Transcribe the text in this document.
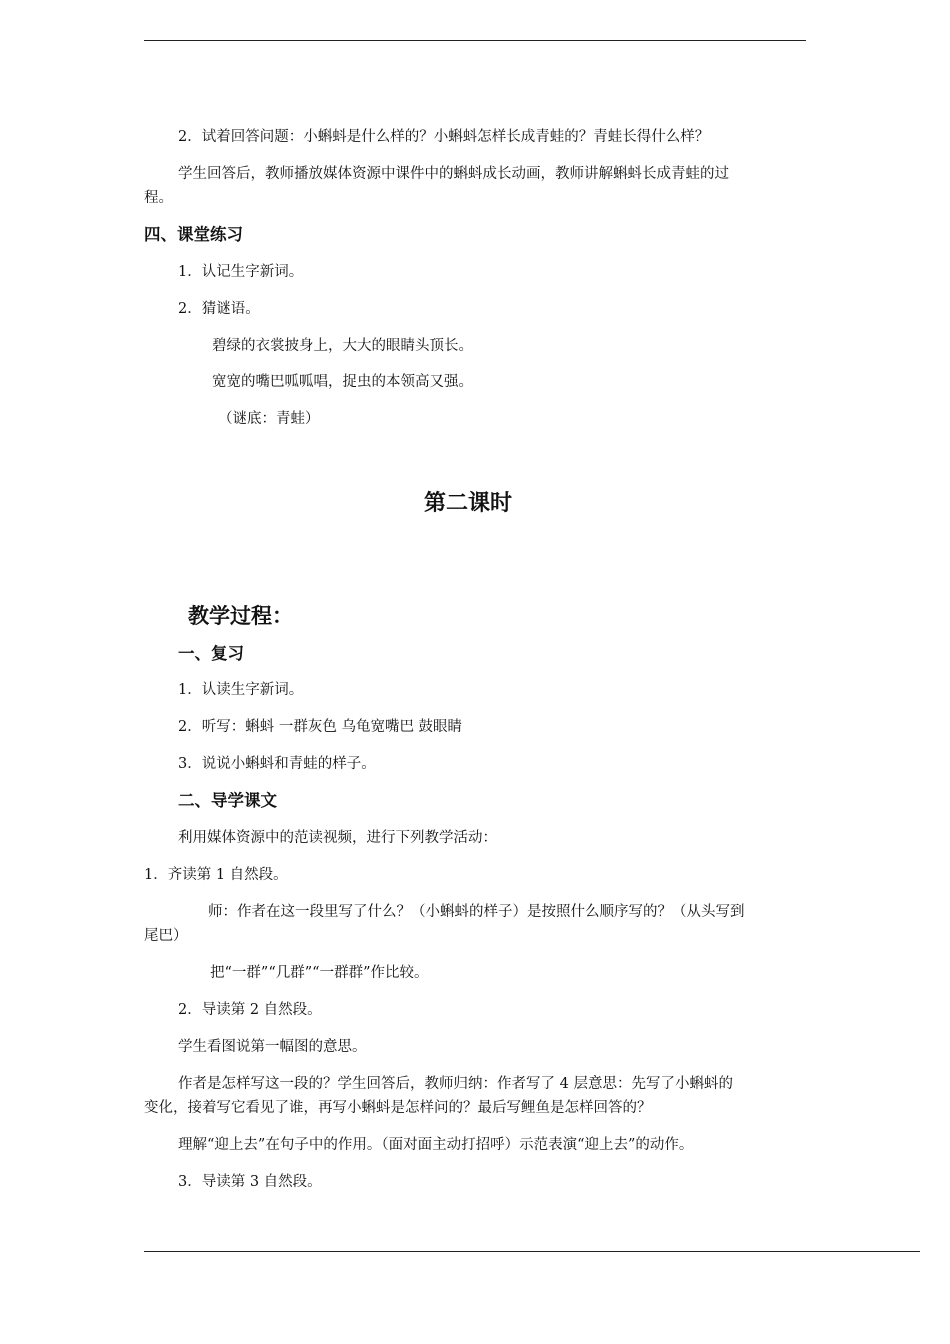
2．试着回答问题：小蝌蚪是什么样的？小蝌蚪怎样长成青蛙的？青蛙长得什么样？
学生回答后，教师播放媒体资源中课件中的蝌蚪成长动画，教师讲解蝌蚪长成青蛙的过
程。
四、课堂练习
1．认记生字新词。
2．猜谜语。
碧绿的衣裳披身上，大大的眼睛头顶长。
宽宽的嘴巴呱呱唱，捉虫的本领高又强。
（谜底：青蛙）
第二课时
教学过程：
一、复习
1．认读生字新词。
2．听写：蝌蚪 一群灰色 乌龟宽嘴巴 鼓眼睛
3．说说小蝌蚪和青蛙的样子。
二、导学课文
利用媒体资源中的范读视频，进行下列教学活动：
1．齐读第 1 自然段。
师：作者在这一段里写了什么？（小蝌蚪的样子）是按照什么顺序写的？（从头写到
尾巴）
把“一群”“几群”“一群群”作比较。
2．导读第 2 自然段。
学生看图说第一幅图的意思。
作者是怎样写这一段的？学生回答后，教师归纳：作者写了 4 层意思：先写了小蝌蚪的
变化，接着写它看见了谁，再写小蝌蚪是怎样问的？最后写鲤鱼是怎样回答的？
理解“迎上去”在句子中的作用。（面对面主动打招呼）示范表演“迎上去”的动作。
3．导读第 3 自然段。
